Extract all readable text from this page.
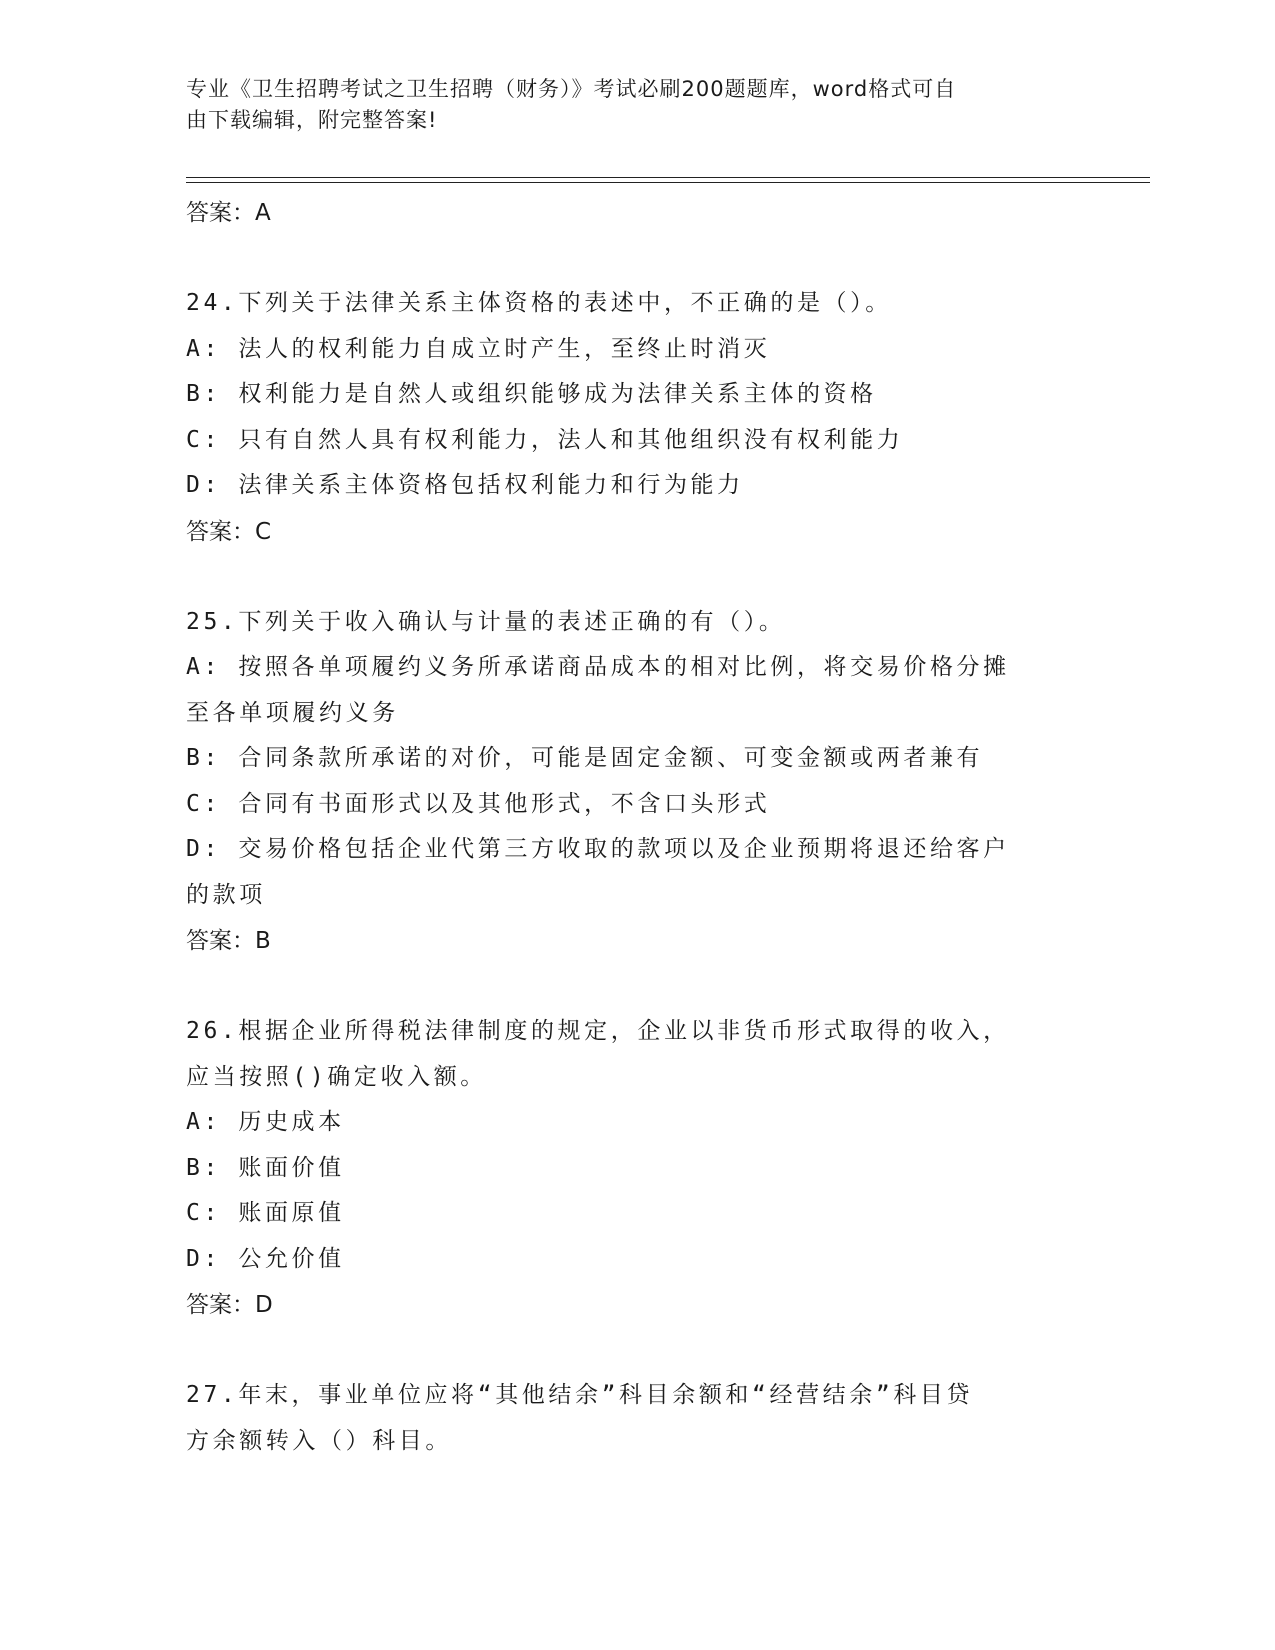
专业《卫生招聘考试之卫生招聘（财务）》考试必刷200题题库，word格式可自
由下载编辑，附完整答案!

答案：A

24.下列关于法律关系主体资格的表述中，不正确的是（）。

A: 法人的权利能力自成立时产生，至终止时消灭

B: 权利能力是自然人或组织能够成为法律关系主体的资格

C: 只有自然人具有权利能力，法人和其他组织没有权利能力

D: 法律关系主体资格包括权利能力和行为能力

答案：C

25.下列关于收入确认与计量的表述正确的有（）。

A: 按照各单项履约义务所承诺商品成本的相对比例，将交易价格分摊

至各单项履约义务

B: 合同条款所承诺的对价，可能是固定金额、可变金额或两者兼有

C: 合同有书面形式以及其他形式，不含口头形式

D: 交易价格包括企业代第三方收取的款项以及企业预期将退还给客户

的款项

答案：B

26.根据企业所得税法律制度的规定，企业以非货币形式取得的收入，

应当按照()确定收入额。

A: 历史成本

B: 账面价值

C: 账面原值

D: 公允价值

答案：D

27.年末，事业单位应将“其他结余”科目余额和“经营结余”科目贷

方余额转入（）科目。
